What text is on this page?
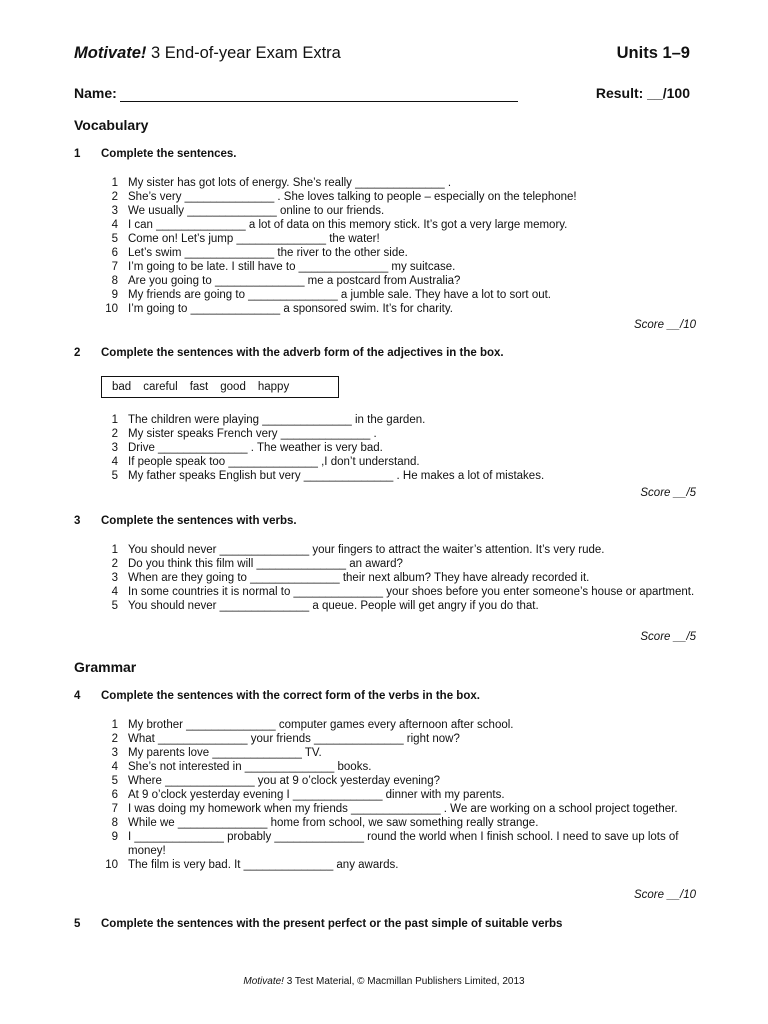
Motivate! 3 End-of-year Exam Extra	Units 1–9
Name:	Result: __/100
Vocabulary
1 Complete the sentences.
1 My sister has got lots of energy. She’s really ______________ .
2 She’s very ______________ . She loves talking to people – especially on the telephone!
3 We usually ______________ online to our friends.
4 I can ______________ a lot of data on this memory stick. It’s got a very large memory.
5 Come on! Let’s jump ______________ the water!
6 Let’s swim ______________ the river to the other side.
7 I’m going to be late. I still have to ______________ my suitcase.
8 Are you going to ______________ me a postcard from Australia?
9 My friends are going to ______________ a jumble sale. They have a lot to sort out.
10 I’m going to ______________ a sponsored swim. It’s for charity.
Score __/10
2 Complete the sentences with the adverb form of the adjectives in the box.
bad careful fast good happy
1 The children were playing ______________ in the garden.
2 My sister speaks French very ______________ .
3 Drive ______________ . The weather is very bad.
4 If people speak too ______________ ,I don’t understand.
5 My father speaks English but very ______________ . He makes a lot of mistakes.
Score __/5
3 Complete the sentences with verbs.
1 You should never ______________ your fingers to attract the waiter’s attention. It’s very rude.
2 Do you think this film will ______________ an award?
3 When are they going to ______________ their next album? They have already recorded it.
4 In some countries it is normal to ______________ your shoes before you enter someone’s house or apartment.
5 You should never ______________ a queue. People will get angry if you do that.
Score __/5
Grammar
4 Complete the sentences with the correct form of the verbs in the box.
1 My brother ______________ computer games every afternoon after school.
2 What ______________ your friends ______________ right now?
3 My parents love ______________ TV.
4 She’s not interested in ______________ books.
5 Where ______________ you at 9 o’clock yesterday evening?
6 At 9 o’clock yesterday evening I ______________ dinner with my parents.
7 I was doing my homework when my friends ______________ . We are working on a school project together.
8 While we ______________ home from school, we saw something really strange.
9 I ______________ probably ______________ round the world when I finish school. I need to save up lots of money!
10 The film is very bad. It ______________ any awards.
Score __/10
5 Complete the sentences with the present perfect or the past simple of suitable verbs
Motivate! 3 Test Material, © Macmillan Publishers Limited, 2013
